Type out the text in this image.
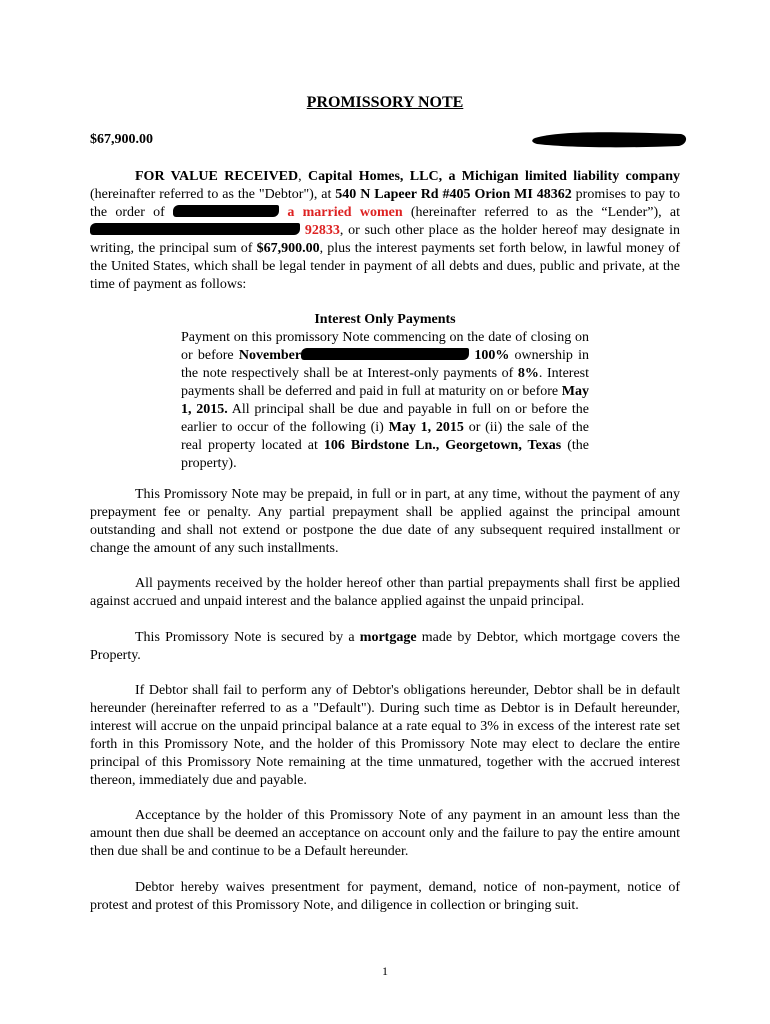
PROMISSORY NOTE
$67,900.00
FOR VALUE RECEIVED, Capital Homes, LLC, a Michigan limited liability company (hereinafter referred to as the "Debtor"), at 540 N Lapeer Rd #405 Orion MI 48362 promises to pay to the order of	a married women (hereinafter referred to as the “Lender”), at  92833, or such other place as the holder hereof may designate in writing, the principal sum of $67,900.00, plus the interest payments set forth below, in lawful money of the United States, which shall be legal tender in payment of all debts and dues, public and private, at the time of payment as follows:
Interest Only Payments
Payment on this promissory Note commencing on the date of closing on or before November	100% ownership in the note respectively shall be at Interest-only payments of 8%. Interest payments shall be deferred and paid in full at maturity on or before May 1, 2015. All principal shall be due and payable in full on or before the earlier to occur of the following (i) May 1, 2015 or (ii) the sale of the real property located at 106 Birdstone Ln., Georgetown, Texas (the property).
This Promissory Note may be prepaid, in full or in part, at any time, without the payment of any prepayment fee or penalty. Any partial prepayment shall be applied against the principal amount outstanding and shall not extend or postpone the due date of any subsequent required installment or change the amount of any such installments.
All payments received by the holder hereof other than partial prepayments shall first be applied against accrued and unpaid interest and the balance applied against the unpaid principal.
This Promissory Note is secured by a mortgage made by Debtor, which mortgage covers the Property.
If Debtor shall fail to perform any of Debtor's obligations hereunder, Debtor shall be in default hereunder (hereinafter referred to as a "Default"). During such time as Debtor is in Default hereunder, interest will accrue on the unpaid principal balance at a rate equal to 3% in excess of the interest rate set forth in this Promissory Note, and the holder of this Promissory Note may elect to declare the entire principal of this Promissory Note remaining at the time unmatured, together with the accrued interest thereon, immediately due and payable.
Acceptance by the holder of this Promissory Note of any payment in an amount less than the amount then due shall be deemed an acceptance on account only and the failure to pay the entire amount then due shall be and continue to be a Default hereunder.
Debtor hereby waives presentment for payment, demand, notice of non-payment, notice of protest and protest of this Promissory Note, and diligence in collection or bringing suit.
1
